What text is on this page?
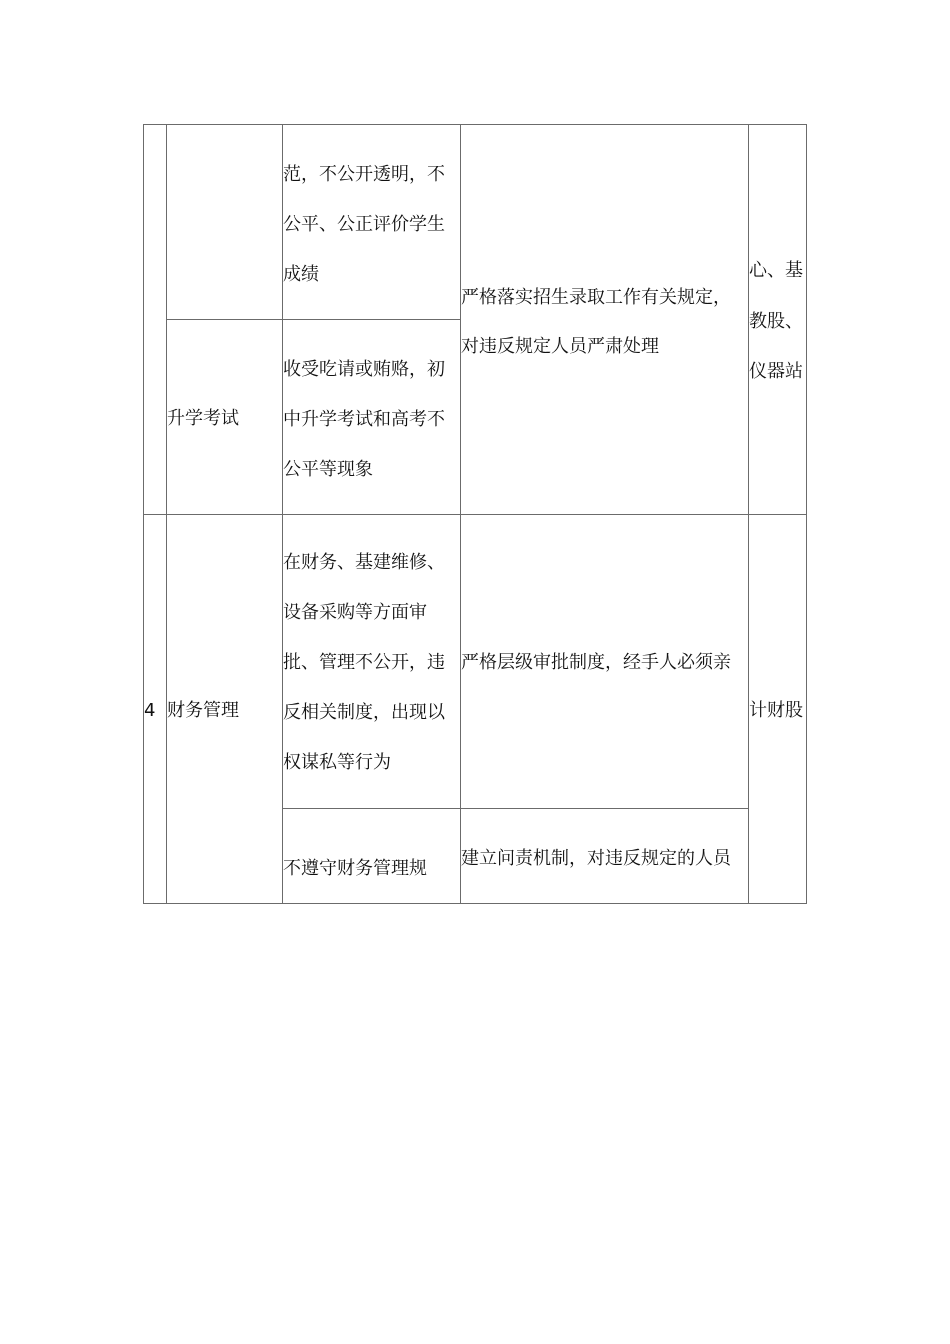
范，不公开透明，不
公平、公正评价学生
成绩
升学考试
收受吃请或贿赂，初
中升学考试和高考不
公平等现象
严格落实招生录取工作有关规定，
对违反规定人员严肃处理
心、基
教股、
仪器站
4 财务管理
在财务、基建维修、
设备采购等方面审
批、管理不公开，违
反相关制度，出现以
权谋私等行为
严格层级审批制度，经手人必须亲
计财股
不遵守财务管理规 建立问责机制，对违反规定的人员
